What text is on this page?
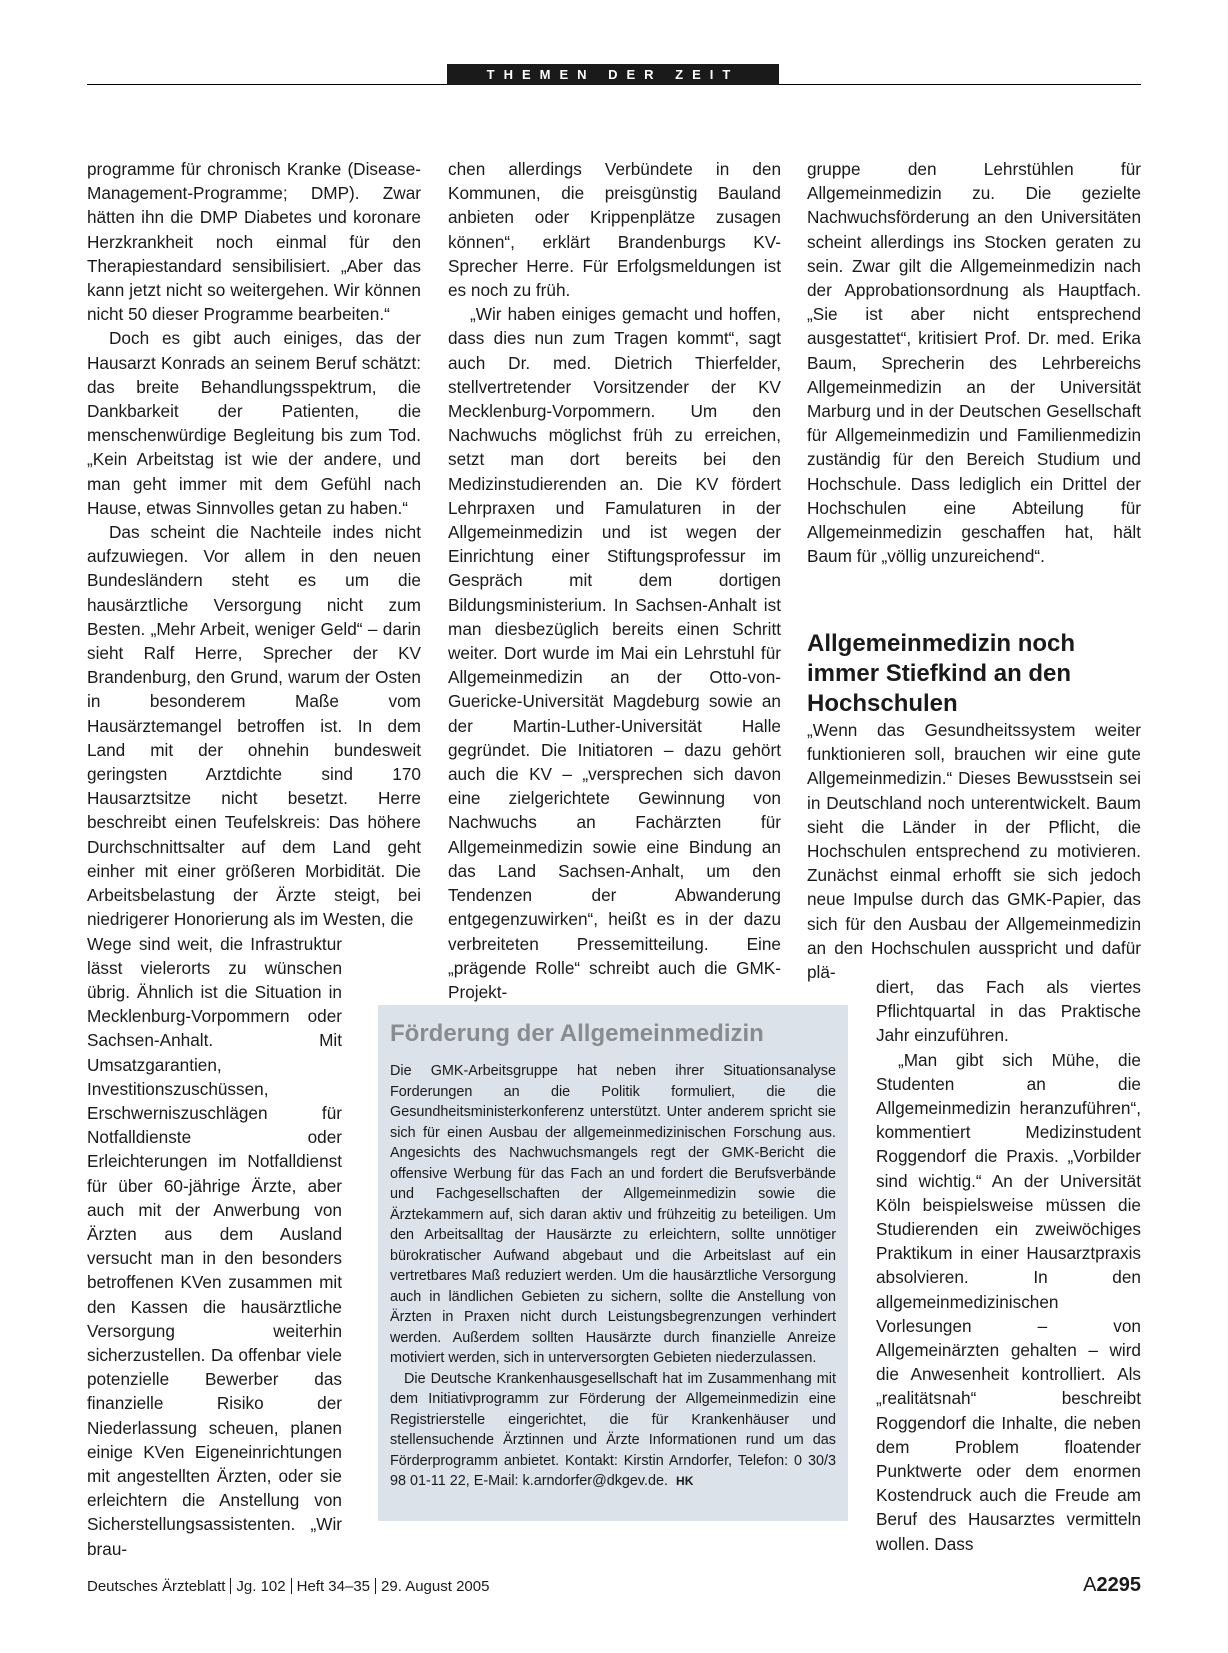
THEMEN DER ZEIT

programme für chronisch Kranke (Disease-Management-Programme; DMP). Zwar hätten ihn die DMP Diabetes und koronare Herzkrankheit noch einmal für den Therapiestandard sensibilisiert. „Aber das kann jetzt nicht so weitergehen. Wir können nicht 50 dieser Programme bearbeiten.“

Doch es gibt auch einiges, das der Hausarzt Konrads an seinem Beruf schätzt: das breite Behandlungsspektrum, die Dankbarkeit der Patienten, die menschenwürdige Begleitung bis zum Tod. „Kein Arbeitstag ist wie der andere, und man geht immer mit dem Gefühl nach Hause, etwas Sinnvolles getan zu haben.“

Das scheint die Nachteile indes nicht aufzuwiegen. Vor allem in den neuen Bundesländern steht es um die hausärztliche Versorgung nicht zum Besten. „Mehr Arbeit, weniger Geld“ – darin sieht Ralf Herre, Sprecher der KV Brandenburg, den Grund, warum der Osten in besonderem Maße vom Hausärztemangel betroffen ist. In dem Land mit der ohnehin bundesweit geringsten Arztdichte sind 170 Hausarztsitze nicht besetzt. Herre beschreibt einen Teufelskreis: Das höhere Durchschnittsalter auf dem Land geht einher mit einer größeren Morbidität. Die Arbeitsbelastung der Ärzte steigt, bei niedrigerer Honorierung als im Westen, die

Wege sind weit, die Infrastruktur lässt vielerorts zu wünschen übrig. Ähnlich ist die Situation in Mecklenburg-Vorpommern oder Sachsen-Anhalt. Mit Umsatzgarantien, Investitionszuschüssen, Erschwerniszuschlägen für Notfalldienste oder Erleichterungen im Notfalldienst für über 60-jährige Ärzte, aber auch mit der Anwerbung von Ärzten aus dem Ausland versucht man in den besonders betroffenen KVen zusammen mit den Kassen die hausärztliche Versorgung weiterhin sicherzustellen. Da offenbar viele potenzielle Bewerber das finanzielle Risiko der Niederlassung scheuen, planen einige KVen Eigeneinrichtungen mit angestellten Ärzten, oder sie erleichtern die Anstellung von Sicherstellungsassistenten. „Wir brau-

chen allerdings Verbündete in den Kommunen, die preisgünstig Bauland anbieten oder Krippenplätze zusagen können“, erklärt Brandenburgs KV-Sprecher Herre. Für Erfolgsmeldungen ist es noch zu früh.

„Wir haben einiges gemacht und hoffen, dass dies nun zum Tragen kommt“, sagt auch Dr. med. Dietrich Thierfelder, stellvertretender Vorsitzender der KV Mecklenburg-Vorpommern. Um den Nachwuchs möglichst früh zu erreichen, setzt man dort bereits bei den Medizinstudierenden an. Die KV fördert Lehrpraxen und Famulaturen in der Allgemeinmedizin und ist wegen der Einrichtung einer Stiftungsprofessur im Gespräch mit dem dortigen Bildungsministerium. In Sachsen-Anhalt ist man diesbezüglich bereits einen Schritt weiter. Dort wurde im Mai ein Lehrstuhl für Allgemeinmedizin an der Otto-von-Guericke-Universität Magdeburg sowie an der Martin-Luther-Universität Halle gegründet. Die Initiatoren – dazu gehört auch die KV – „versprechen sich davon eine zielgerichtete Gewinnung von Nachwuchs an Fachärzten für Allgemeinmedizin sowie eine Bindung an das Land Sachsen-Anhalt, um den Tendenzen der Abwanderung entgegenzuwirken“, heißt es in der dazu verbreiteten Pressemitteilung. Eine „prägende Rolle“ schreibt auch die GMK-Projekt-

gruppe den Lehrstühlen für Allgemeinmedizin zu. Die gezielte Nachwuchsförderung an den Universitäten scheint allerdings ins Stocken geraten zu sein. Zwar gilt die Allgemeinmedizin nach der Approbationsordnung als Hauptfach. „Sie ist aber nicht entsprechend ausgestattet“, kritisiert Prof. Dr. med. Erika Baum, Sprecherin des Lehrbereichs Allgemeinmedizin an der Universität Marburg und in der Deutschen Gesellschaft für Allgemeinmedizin und Familienmedizin zuständig für den Bereich Studium und Hochschule. Dass lediglich ein Drittel der Hochschulen eine Abteilung für Allgemeinmedizin geschaffen hat, hält Baum für „völlig unzureichend“.

Allgemeinmedizin noch immer Stiefkind an den Hochschulen

„Wenn das Gesundheitssystem weiter funktionieren soll, brauchen wir eine gute Allgemeinmedizin.“ Dieses Bewusstsein sei in Deutschland noch unterentwickelt. Baum sieht die Länder in der Pflicht, die Hochschulen entsprechend zu motivieren. Zunächst einmal erhofft sie sich jedoch neue Impulse durch das GMK-Papier, das sich für den Ausbau der Allgemeinmedizin an den Hochschulen ausspricht und dafür plä-

diert, das Fach als viertes Pflichtquartal in das Praktische Jahr einzuführen.

„Man gibt sich Mühe, die Studenten an die Allgemeinmedizin heranzuführen“, kommentiert Medizinstudent Roggendorf die Praxis. „Vorbilder sind wichtig.“ An der Universität Köln beispielsweise müssen die Studierenden ein zweiwöchiges Praktikum in einer Hausarztpraxis absolvieren. In den allgemeinmedizinischen Vorlesungen – von Allgemeinärzten gehalten – wird die Anwesenheit kontrolliert. Als „realitätsnah“ beschreibt Roggendorf die Inhalte, die neben dem Problem floatender Punktwerte oder dem enormen Kostendruck auch die Freude am Beruf des Hausarztes vermitteln wollen. Dass

Förderung der Allgemeinmedizin

Die GMK-Arbeitsgruppe hat neben ihrer Situationsanalyse Forderungen an die Politik formuliert, die die Gesundheitsministerkonferenz unterstützt. Unter anderem spricht sie sich für einen Ausbau der allgemeinmedizinischen Forschung aus. Angesichts des Nachwuchsmangels regt der GMK-Bericht die offensive Werbung für das Fach an und fordert die Berufsverbände und Fachgesellschaften der Allgemeinmedizin sowie die Ärztekammern auf, sich daran aktiv und frühzeitig zu beteiligen. Um den Arbeitsalltag der Hausärzte zu erleichtern, sollte unnötiger bürokratischer Aufwand abgebaut und die Arbeitslast auf ein vertretbares Maß reduziert werden. Um die hausärztliche Versorgung auch in ländlichen Gebieten zu sichern, sollte die Anstellung von Ärzten in Praxen nicht durch Leistungsbegrenzungen verhindert werden. Außerdem sollten Hausärzte durch finanzielle Anreize motiviert werden, sich in unterversorgten Gebieten niederzulassen.

Die Deutsche Krankenhausgesellschaft hat im Zusammenhang mit dem Initiativprogramm zur Förderung der Allgemeinmedizin eine Registrierstelle eingerichtet, die für Krankenhäuser und stellensuchende Ärztinnen und Ärzte Informationen rund um das Förderprogramm anbietet. Kontakt: Kirstin Arndorfer, Telefon: 0 30/3 98 01-11 22, E-Mail: k.arndorfer@dkgev.de. HK

Deutsches Ärzteblatt Jg. 102 Heft 34–35 29. August 2005	A2295
